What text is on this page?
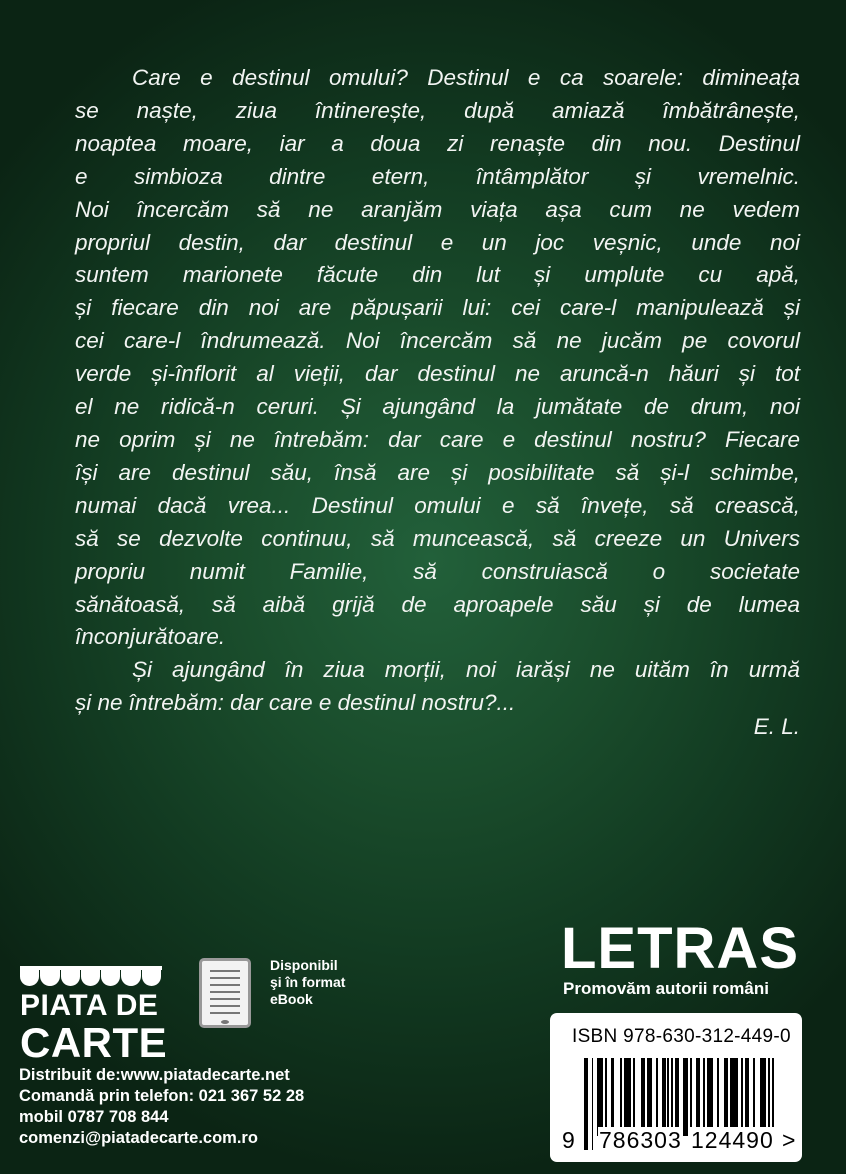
Care e destinul omului? Destinul e ca soarele: dimineața
se naște, ziua întinerește, după amiază îmbătrânește,
noaptea moare, iar a doua zi renaște din nou. Destinul
e simbioza dintre etern, întâmplător și vremelnic.
Noi încercăm să ne aranjăm viața așa cum ne vedem
propriul destin, dar destinul e un joc veșnic, unde noi
suntem marionete făcute din lut și umplute cu apă,
și fiecare din noi are păpușarii lui: cei care-l manipulează și
cei care-l îndrumează. Noi încercăm să ne jucăm pe covorul
verde și-înflorit al vieții, dar destinul ne aruncă-n hăuri și tot
el ne ridică-n ceruri. Și ajungând la jumătate de drum, noi
ne oprim și ne întrebăm: dar care e destinul nostru? Fiecare
își are destinul său, însă are și posibilitate să și-l schimbe,
numai dacă vrea... Destinul omului e să învețe, să crească,
să se dezvolte continuu, să muncească, să creeze un Univers
propriu numit Familie, să construiască o societate
sănătoasă, să aibă grijă de aproapele său și de lumea
înconjurătoare.
Și ajungând în ziua morții, noi iarăși ne uităm în urmă
și ne întrebăm: dar care e destinul nostru?...
E. L.
PIATA DE
CARTE
Disponibil
şi în format
eBook
Distribuit de:www.piatadecarte.net
Comandă prin telefon: 021 367 52 28
mobil 0787 708 844
comenzi@piatadecarte.com.ro
LETRAS
Promovăm autorii români
ISBN 978-630-312-449-0
9 786303 124490 >
